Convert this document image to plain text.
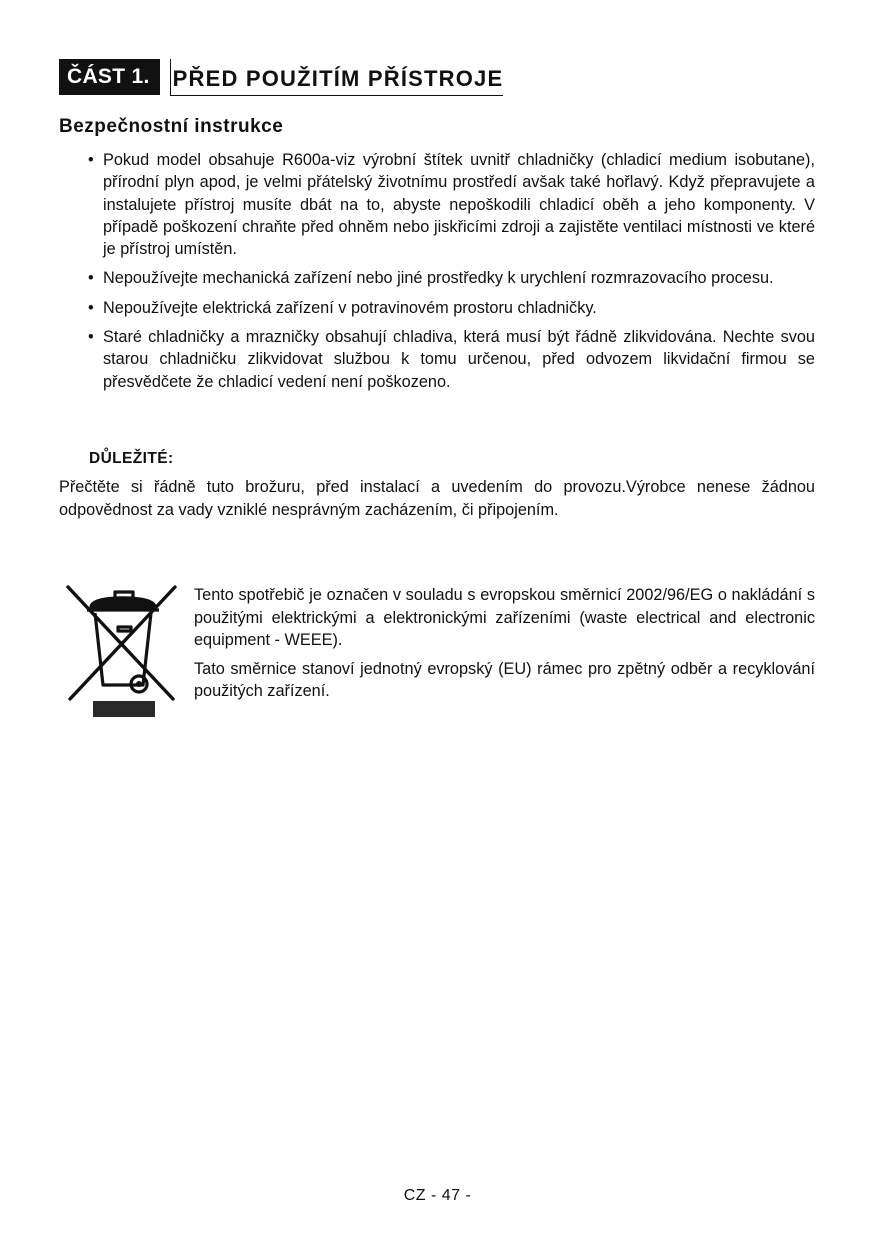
ČÁST 1.	PŘED POUŽITÍM PŘÍSTROJE
Bezpečnostní instrukce
• Pokud model obsahuje R600a-viz výrobní štítek uvnitř chladničky (chladicí medium isobutane), přírodní plyn apod, je velmi přátelský životnímu prostředí avšak také hořlavý. Když přepravujete a instalujete přístroj musíte dbát na to, abyste nepoškodili chladicí oběh a jeho komponenty. V případě poškození chraňte před ohněm nebo jiskřicími zdroji a zajistěte ventilaci místnosti ve které je přístroj umístěn.
• Nepoužívejte mechanická zařízení nebo jiné prostředky k urychlení rozmrazovacího procesu.
• Nepoužívejte elektrická zařízení v potravinovém prostoru chladničky.
• Staré chladničky a mrazničky obsahují chladiva, která musí být řádně zlikvidována. Nechte svou starou chladničku zlikvidovat službou k tomu určenou, před odvozem likvidační firmou se přesvědčete že chladicí vedení není poškozeno.
DŮLEŽITÉ:

Přečtěte si řádně tuto brožuru, před instalací a uvedením do provozu.Výrobce nenese žádnou odpovědnost za vady vzniklé nesprávným zacházením, či připojením.

Tento spotřebič je označen v souladu s evropskou směrnicí 2002/96/EG o nakládání s použitými elektrickými a elektronickými zařízeními (waste electrical and electronic equipment - WEEE).

Tato směrnice stanoví jednotný evropský (EU) rámec pro zpětný odběr a recyklování použitých zařízení.

CZ - 47 -
